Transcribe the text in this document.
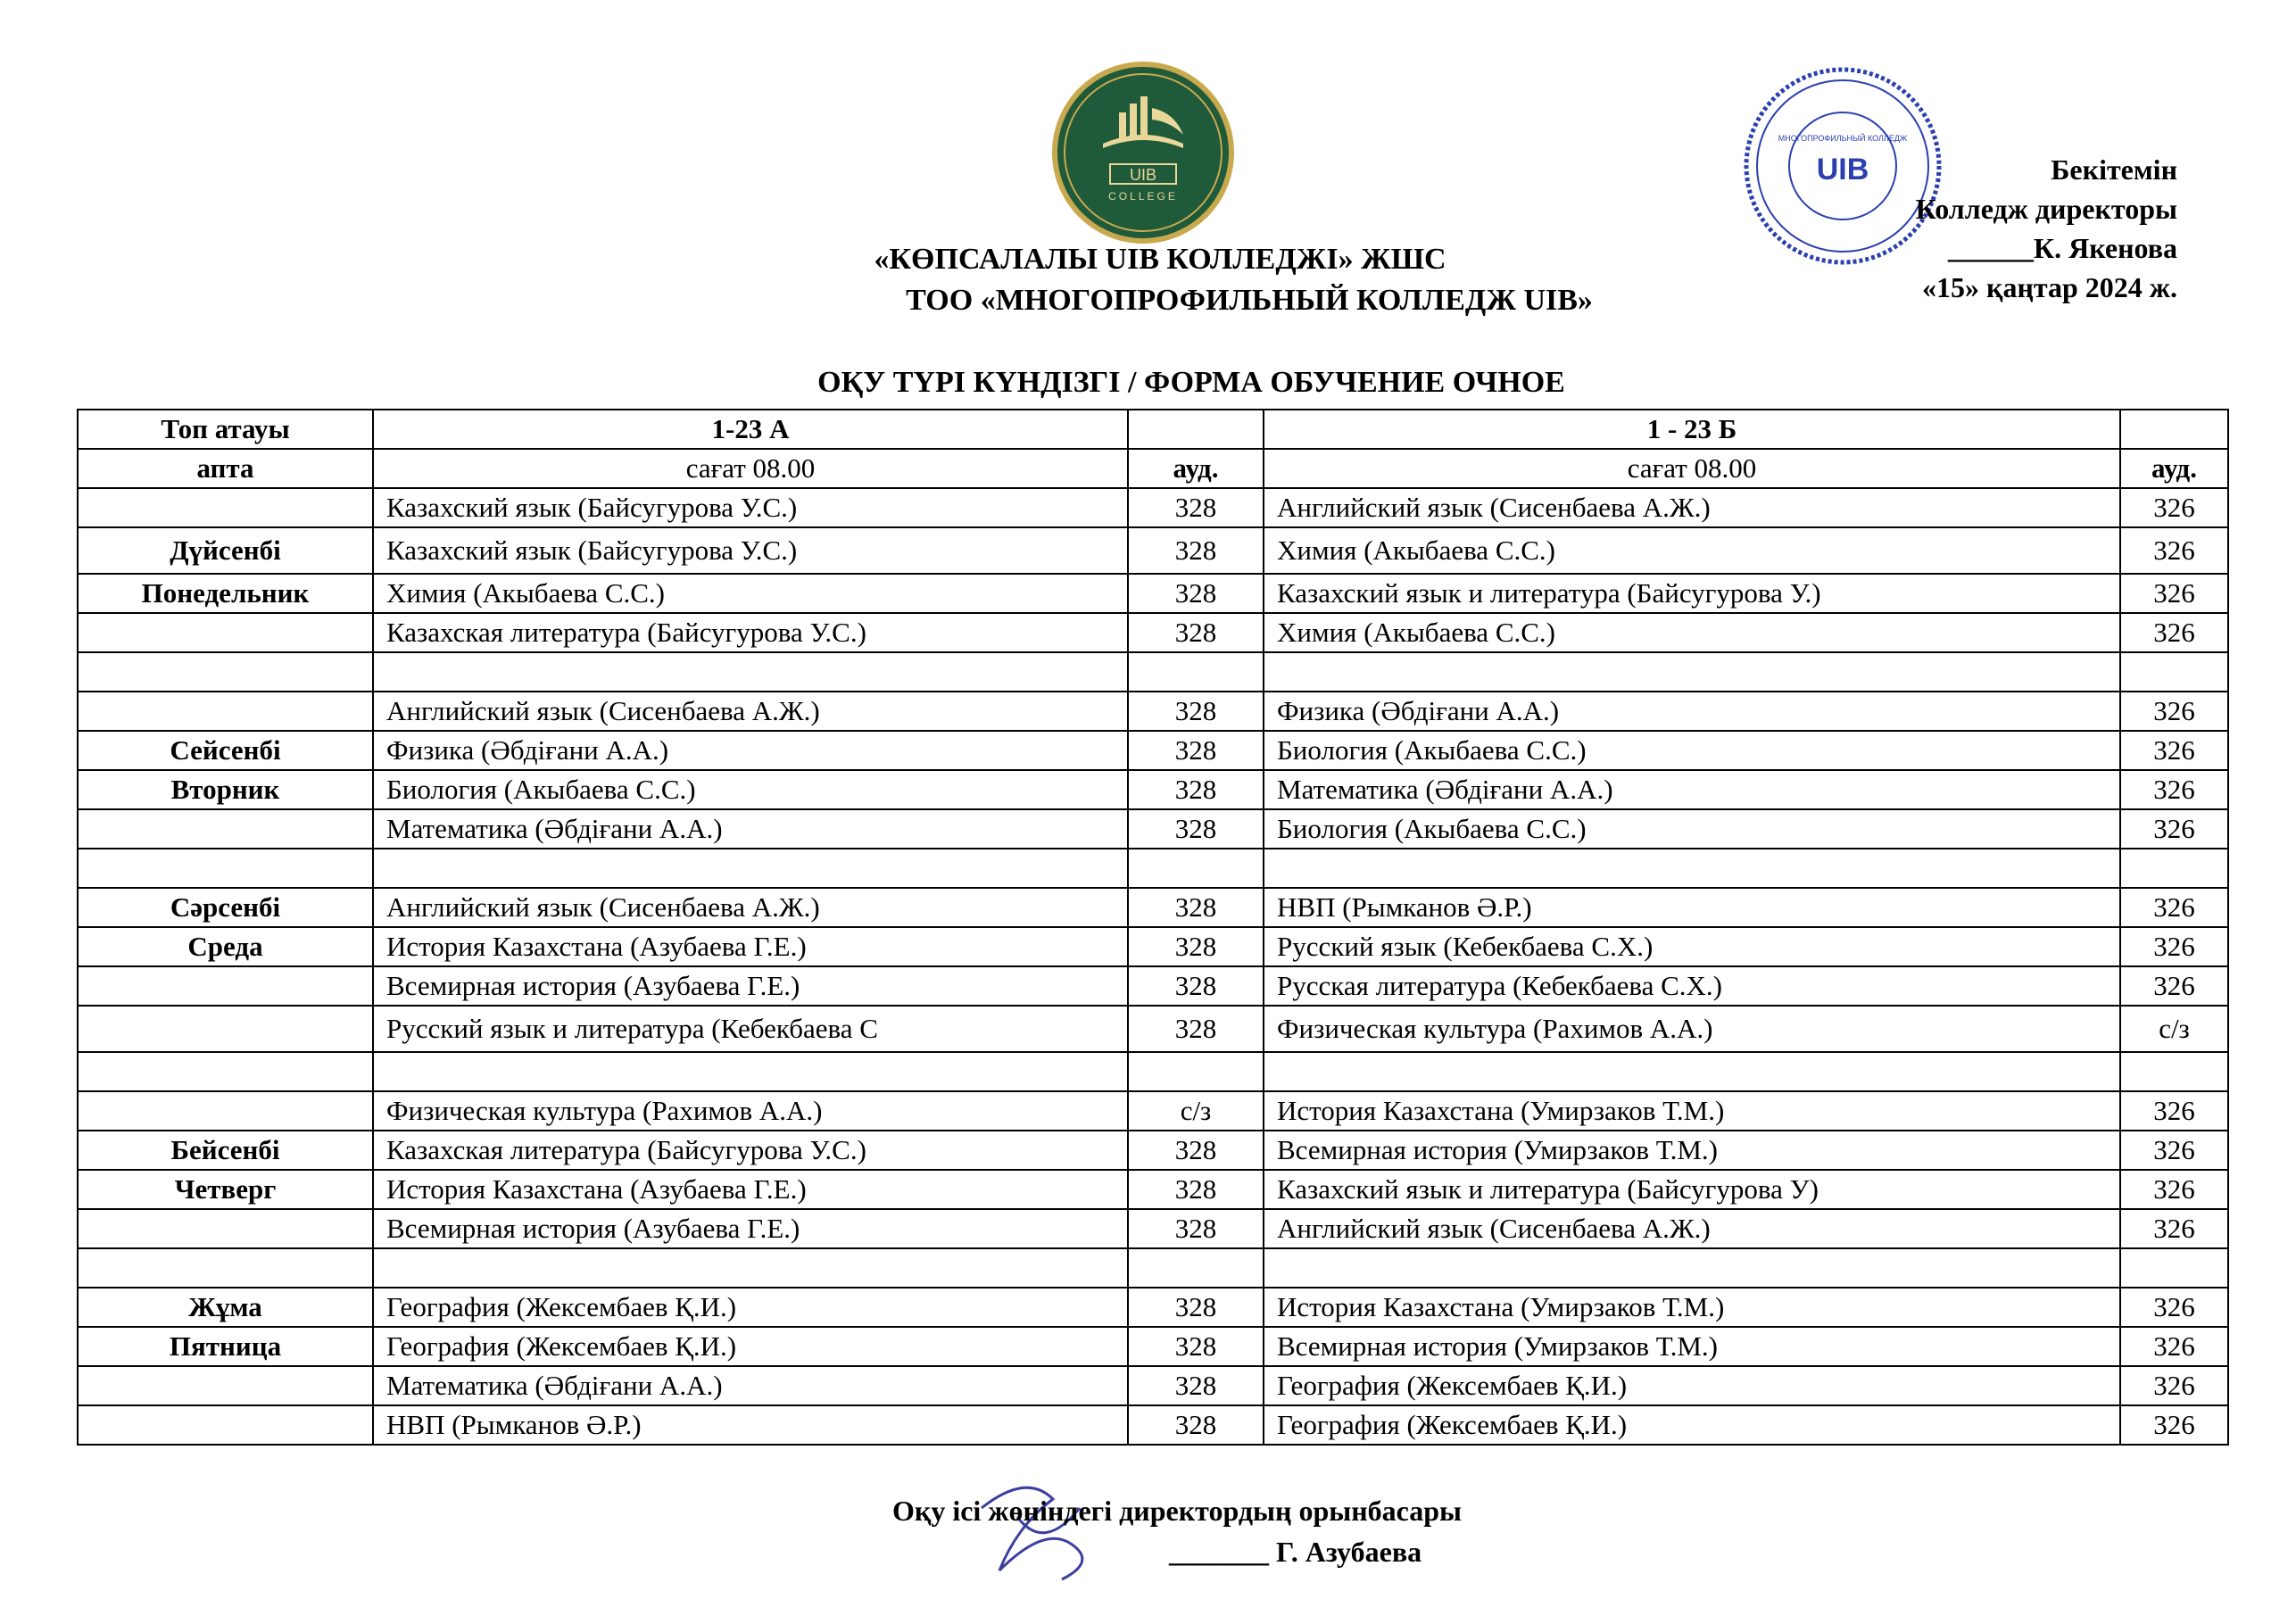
UIB
COLLEGE
МНОГОПРОФИЛЬНЫЙ КОЛЛЕДЖ
UIB	Бекітемін
Колледж директоры
______К. Якенова
«15» қаңтар 2024 ж.
«КӨПСАЛАЛЫ UIB КОЛЛЕДЖІ» ЖШС
ТОО «МНОГОПРОФИЛЬНЫЙ КОЛЛЕДЖ UIB»
ОҚУ ТҮРІ КҮНДІЗГІ / ФОРМА ОБУЧЕНИЕ ОЧНОЕ
Топ атауы	1-23 А		1 - 23 Б	
апта	сағат 08.00	ауд.	сағат 08.00	ауд.
	Казахский язык (Байсугурова У.С.)	328	Английский язык (Сисенбаева А.Ж.)	326
Дүйсенбі	Казахский язык (Байсугурова У.С.)	328	Химия (Акыбаева С.С.)	326
Понедельник	Химия (Акыбаева С.С.)	328	Казахский язык и литература (Байсугурова У.)	326
	Казахская литература (Байсугурова У.С.)	328	Химия (Акыбаева С.С.)	326

	Английский язык (Сисенбаева А.Ж.)	328	Физика (Әбдіғани А.А.)	326
Сейсенбі	Физика (Әбдіғани А.А.)	328	Биология (Акыбаева С.С.)	326
Вторник	Биология (Акыбаева С.С.)	328	Математика (Әбдіғани А.А.)	326
	Математика (Әбдіғани А.А.)	328	Биология (Акыбаева С.С.)	326

Сәрсенбі	Английский язык (Сисенбаева А.Ж.)	328	НВП (Рымканов Ә.Р.)	326
Среда	История Казахстана (Азубаева Г.Е.)	328	Русский язык (Кебекбаева С.Х.)	326
	Всемирная история (Азубаева Г.Е.)	328	Русская литература (Кебекбаева С.Х.)	326
	Русский язык и литература (Кебекбаева С	328	Физическая культура (Рахимов А.А.)	с/з

	Физическая культура (Рахимов А.А.)	с/з	История Казахстана (Умирзаков Т.М.)	326
Бейсенбі	Казахская литература (Байсугурова У.С.)	328	Всемирная история (Умирзаков Т.М.)	326
Четверг	История Казахстана (Азубаева Г.Е.)	328	Казахский язык и литература (Байсугурова У)	326
	Всемирная история (Азубаева Г.Е.)	328	Английский язык (Сисенбаева А.Ж.)	326

Жұма	География (Жексембаев Қ.И.)	328	История Казахстана (Умирзаков Т.М.)	326
Пятница	География (Жексембаев Қ.И.)	328	Всемирная история (Умирзаков Т.М.)	326
	Математика (Әбдіғани А.А.)	328	География (Жексембаев Қ.И.)	326
	НВП (Рымканов Ә.Р.)	328	География (Жексембаев Қ.И.)	326
Оқу ісі жөніндегі директордың орынбасары
_______ Г. Азубаева
